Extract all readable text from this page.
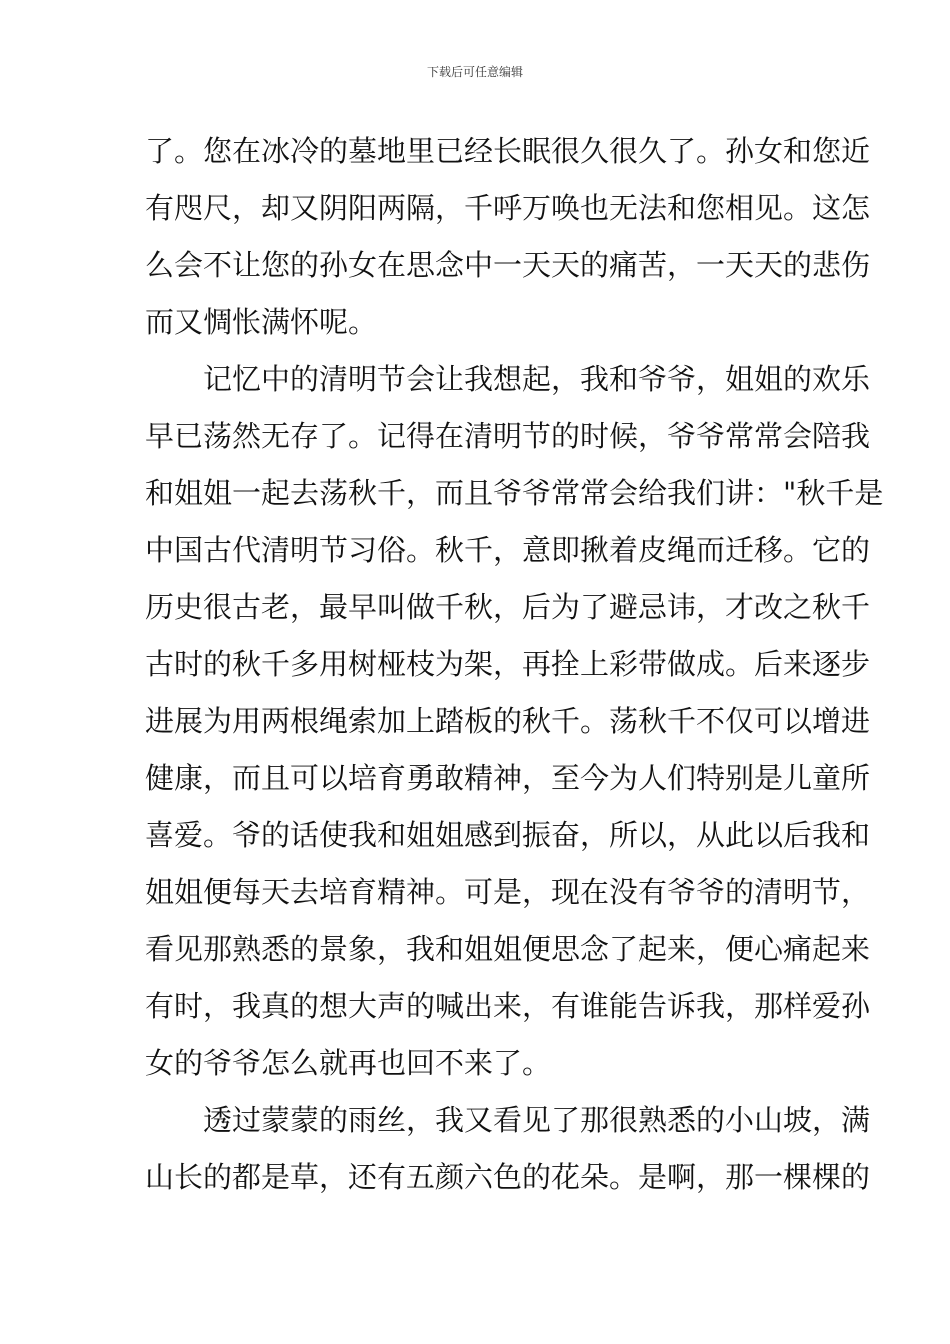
下载后可任意编辑
了。您在冰冷的墓地里已经长眠很久很久了。孙女和您近
有咫尺，却又阴阳两隔，千呼万唤也无法和您相见。这怎
么会不让您的孙女在思念中一天天的痛苦，一天天的悲伤
而又惆怅满怀呢。
记忆中的清明节会让我想起，我和爷爷，姐姐的欢乐
早已荡然无存了。记得在清明节的时候，爷爷常常会陪我
和姐姐一起去荡秋千，而且爷爷常常会给我们讲："秋千是
中国古代清明节习俗。秋千，意即揪着皮绳而迁移。它的
历史很古老，最早叫做千秋，后为了避忌讳，才改之秋千
古时的秋千多用树桠枝为架，再拴上彩带做成。后来逐步
进展为用两根绳索加上踏板的秋千。荡秋千不仅可以增进
健康，而且可以培育勇敢精神，至今为人们特别是儿童所
喜爱。爷的话使我和姐姐感到振奋，所以，从此以后我和
姐姐便每天去培育精神。可是，现在没有爷爷的清明节，
看见那熟悉的景象，我和姐姐便思念了起来，便心痛起来
有时，我真的想大声的喊出来，有谁能告诉我，那样爱孙
女的爷爷怎么就再也回不来了。
透过蒙蒙的雨丝，我又看见了那很熟悉的小山坡，满
山长的都是草，还有五颜六色的花朵。是啊，那一棵棵的
